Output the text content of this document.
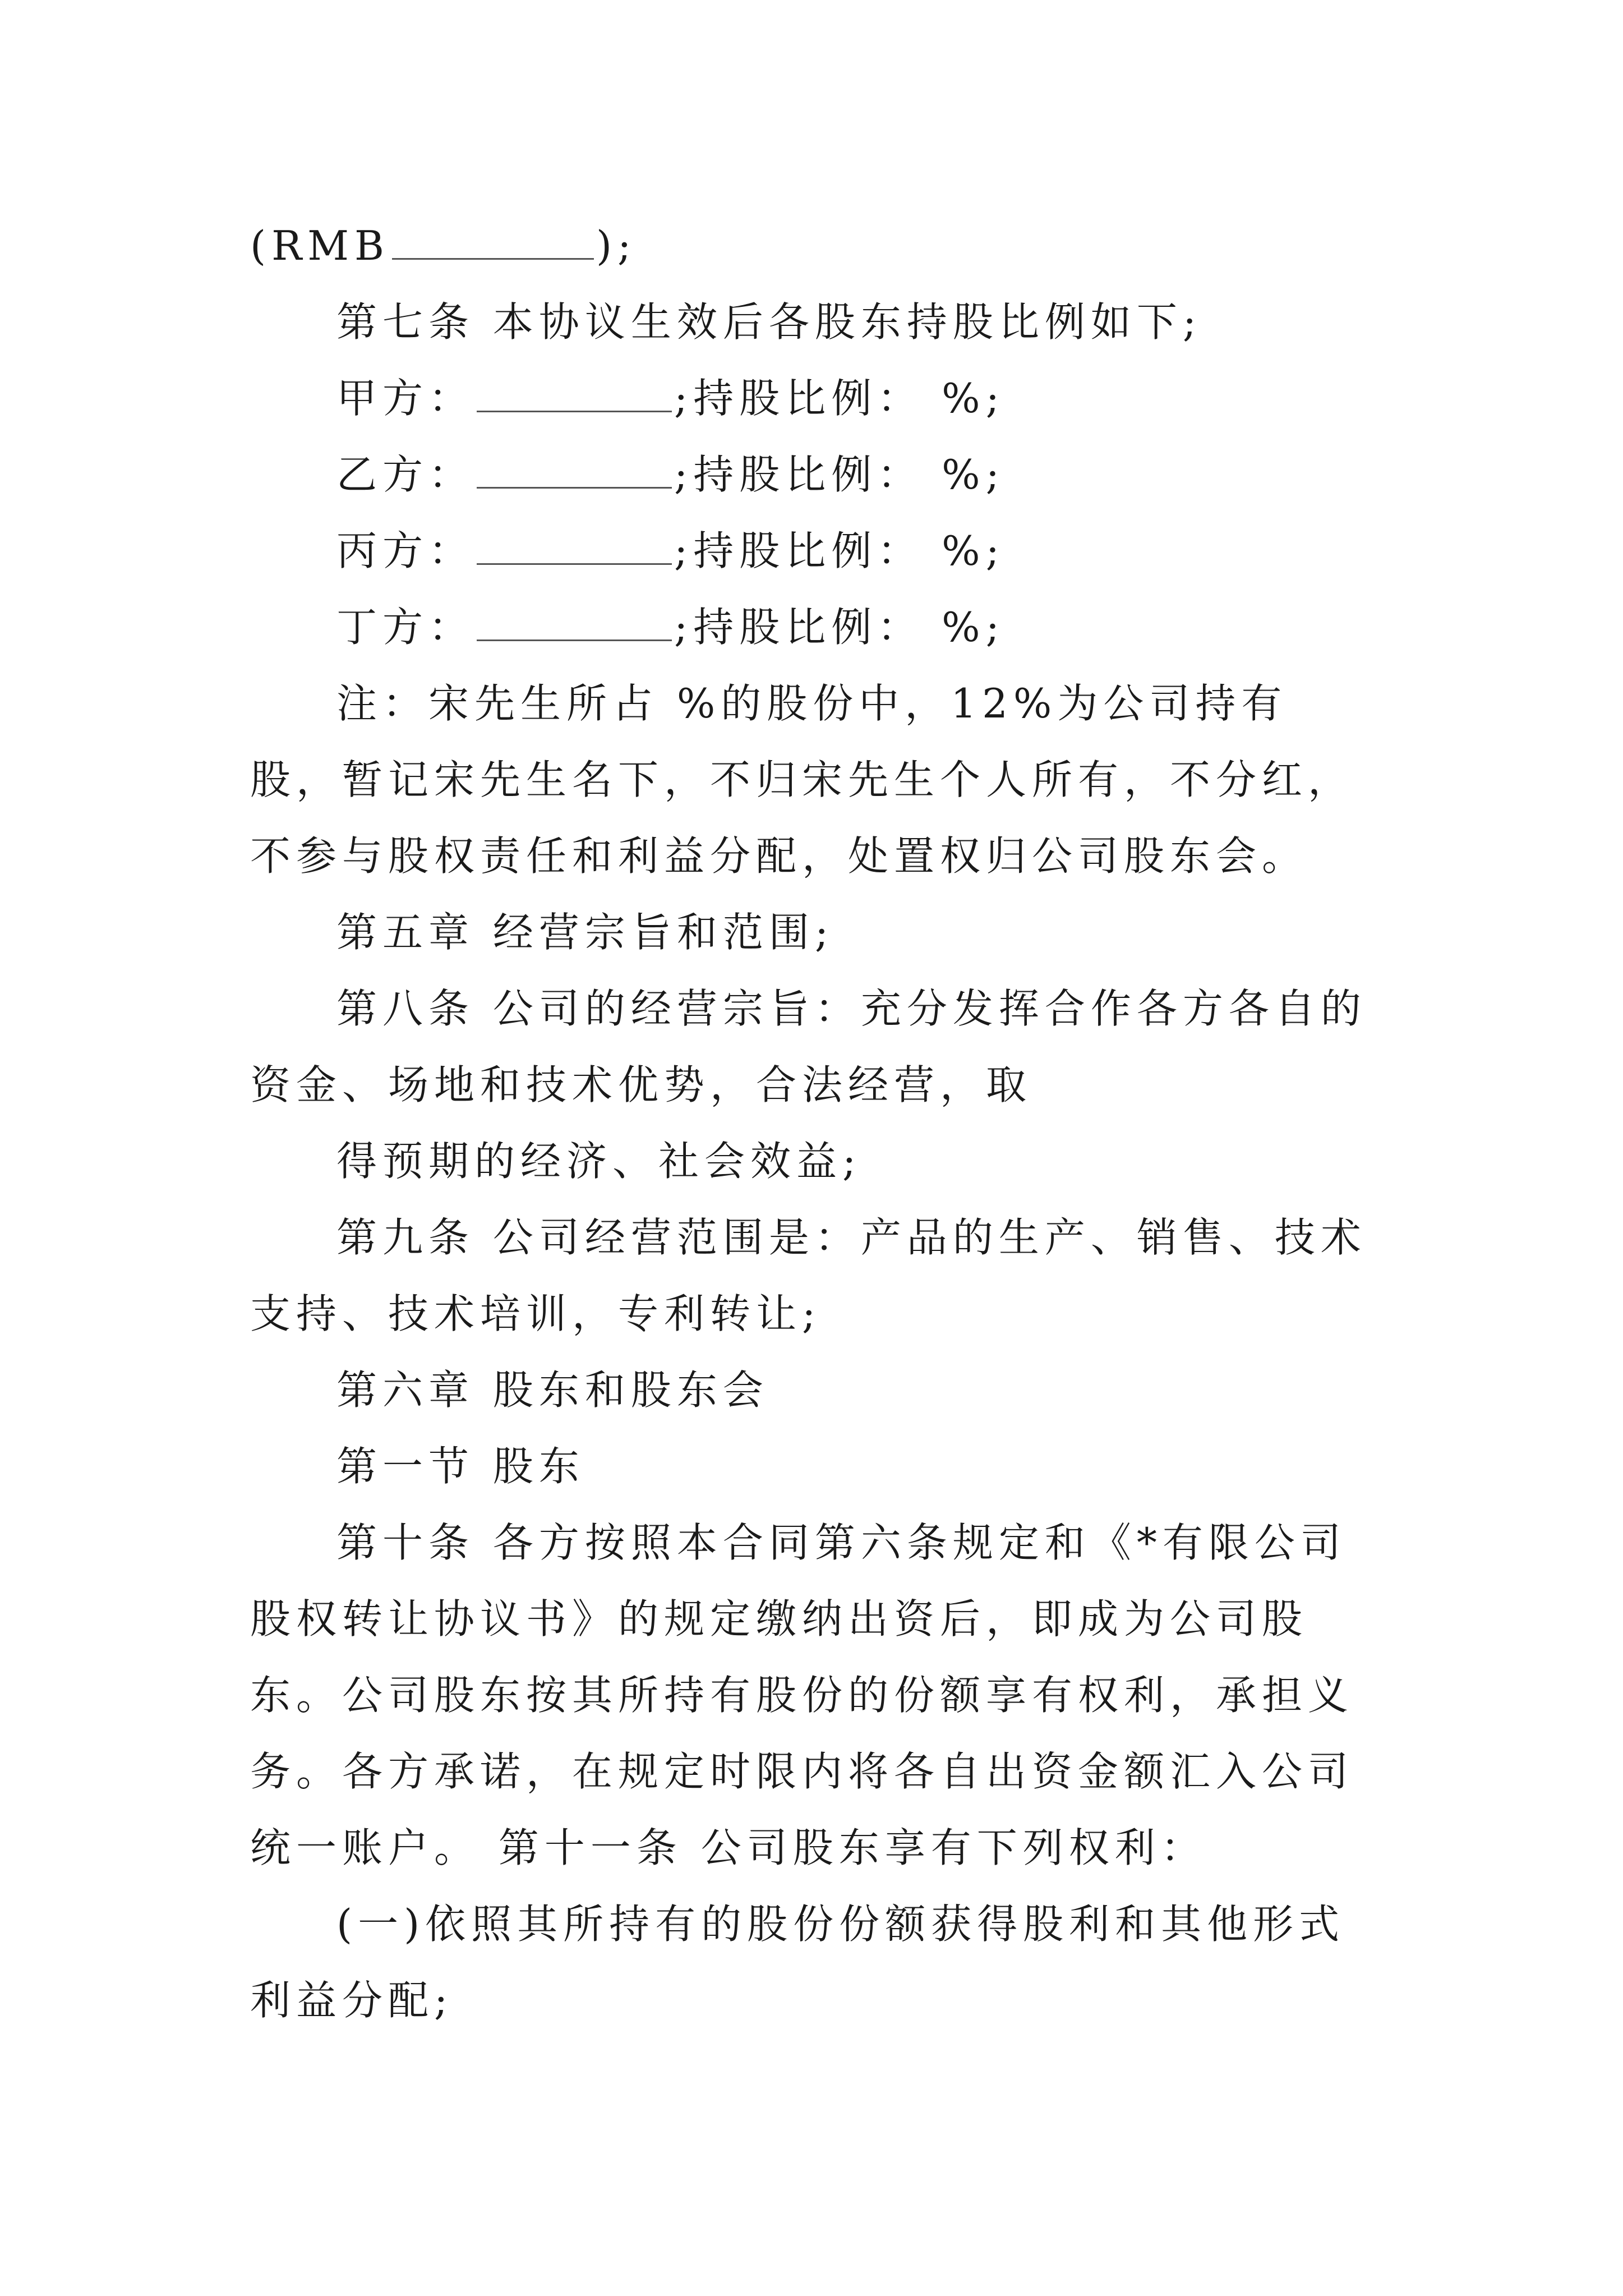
(RMB	);

第七条 本协议生效后各股东持股比例如下;

甲方：	;持股比例： %;

乙方：	;持股比例： %;

丙方：	;持股比例： %;

丁方：	;持股比例： %;

注：宋先生所占 %的股份中，12%为公司持有股，暂记宋先生名下，不归宋先生个人所有，不分红，不参与股权责任和利益分配，处置权归公司股东会。

第五章 经营宗旨和范围;

第八条 公司的经营宗旨：充分发挥合作各方各自的资金、场地和技术优势，合法经营，取

得预期的经济、社会效益;

第九条 公司经营范围是：产品的生产、销售、技术支持、技术培训，专利转让;

第六章 股东和股东会

第一节 股东

第十条 各方按照本合同第六条规定和《*有限公司股权转让协议书》的规定缴纳出资后，即成为公司股东。公司股东按其所持有股份的份额享有权利，承担义务。各方承诺，在规定时限内将各自出资金额汇入公司统一账户。 第十一条 公司股东享有下列权利：

(一)依照其所持有的股份份额获得股利和其他形式利益分配;
